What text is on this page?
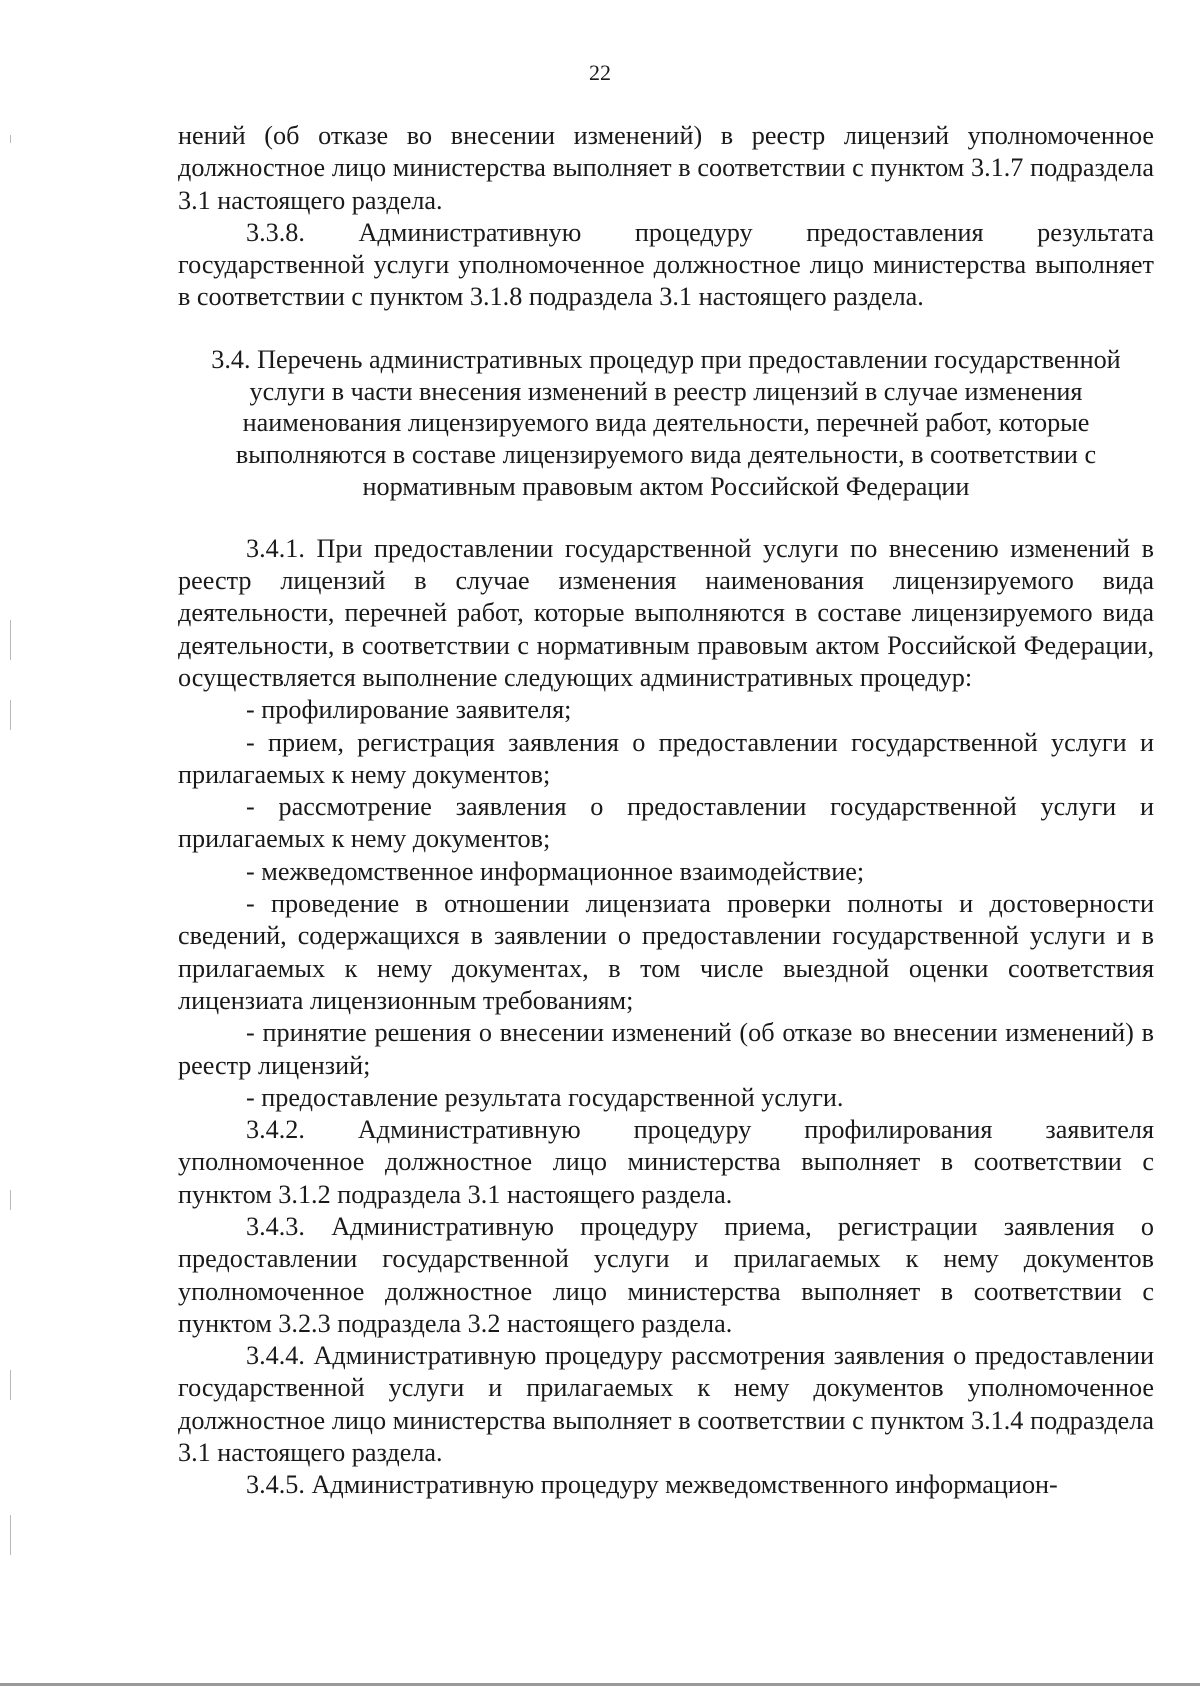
22

нений (об отказе во внесении изменений) в реестр лицензий уполномоченное должностное лицо министерства выполняет в соответствии с пунктом 3.1.7 подраздела 3.1 настоящего раздела.

3.3.8. Административную процедуру предоставления результата государственной услуги уполномоченное должностное лицо министерства выполняет в соответствии с пунктом 3.1.8 подраздела 3.1 настоящего раздела.

3.4. Перечень административных процедур при предоставлении государственной услуги в части внесения изменений в реестр лицензий в случае изменения наименования лицензируемого вида деятельности, перечней работ, которые выполняются в составе лицензируемого вида деятельности, в соответствии с нормативным правовым актом Российской Федерации

3.4.1. При предоставлении государственной услуги по внесению изменений в реестр лицензий в случае изменения наименования лицензируемого вида деятельности, перечней работ, которые выполняются в составе лицензируемого вида деятельности, в соответствии с нормативным правовым актом Российской Федерации, осуществляется выполнение следующих административных процедур:

- профилирование заявителя;

- прием, регистрация заявления о предоставлении государственной услуги и прилагаемых к нему документов;

- рассмотрение заявления о предоставлении государственной услуги и прилагаемых к нему документов;

- межведомственное информационное взаимодействие;

- проведение в отношении лицензиата проверки полноты и достоверности сведений, содержащихся в заявлении о предоставлении государственной услуги и в прилагаемых к нему документах, в том числе выездной оценки соответствия лицензиата лицензионным требованиям;

- принятие решения о внесении изменений (об отказе во внесении изменений) в реестр лицензий;

- предоставление результата государственной услуги.

3.4.2. Административную процедуру профилирования заявителя уполномоченное должностное лицо министерства выполняет в соответствии с пунктом 3.1.2 подраздела 3.1 настоящего раздела.

3.4.3. Административную процедуру приема, регистрации заявления о предоставлении государственной услуги и прилагаемых к нему документов уполномоченное должностное лицо министерства выполняет в соответствии с пунктом 3.2.3 подраздела 3.2 настоящего раздела.

3.4.4. Административную процедуру рассмотрения заявления о предоставлении государственной услуги и прилагаемых к нему документов уполномоченное должностное лицо министерства выполняет в соответствии с пунктом 3.1.4 подраздела 3.1 настоящего раздела.

3.4.5. Административную процедуру межведомственного информацион-
